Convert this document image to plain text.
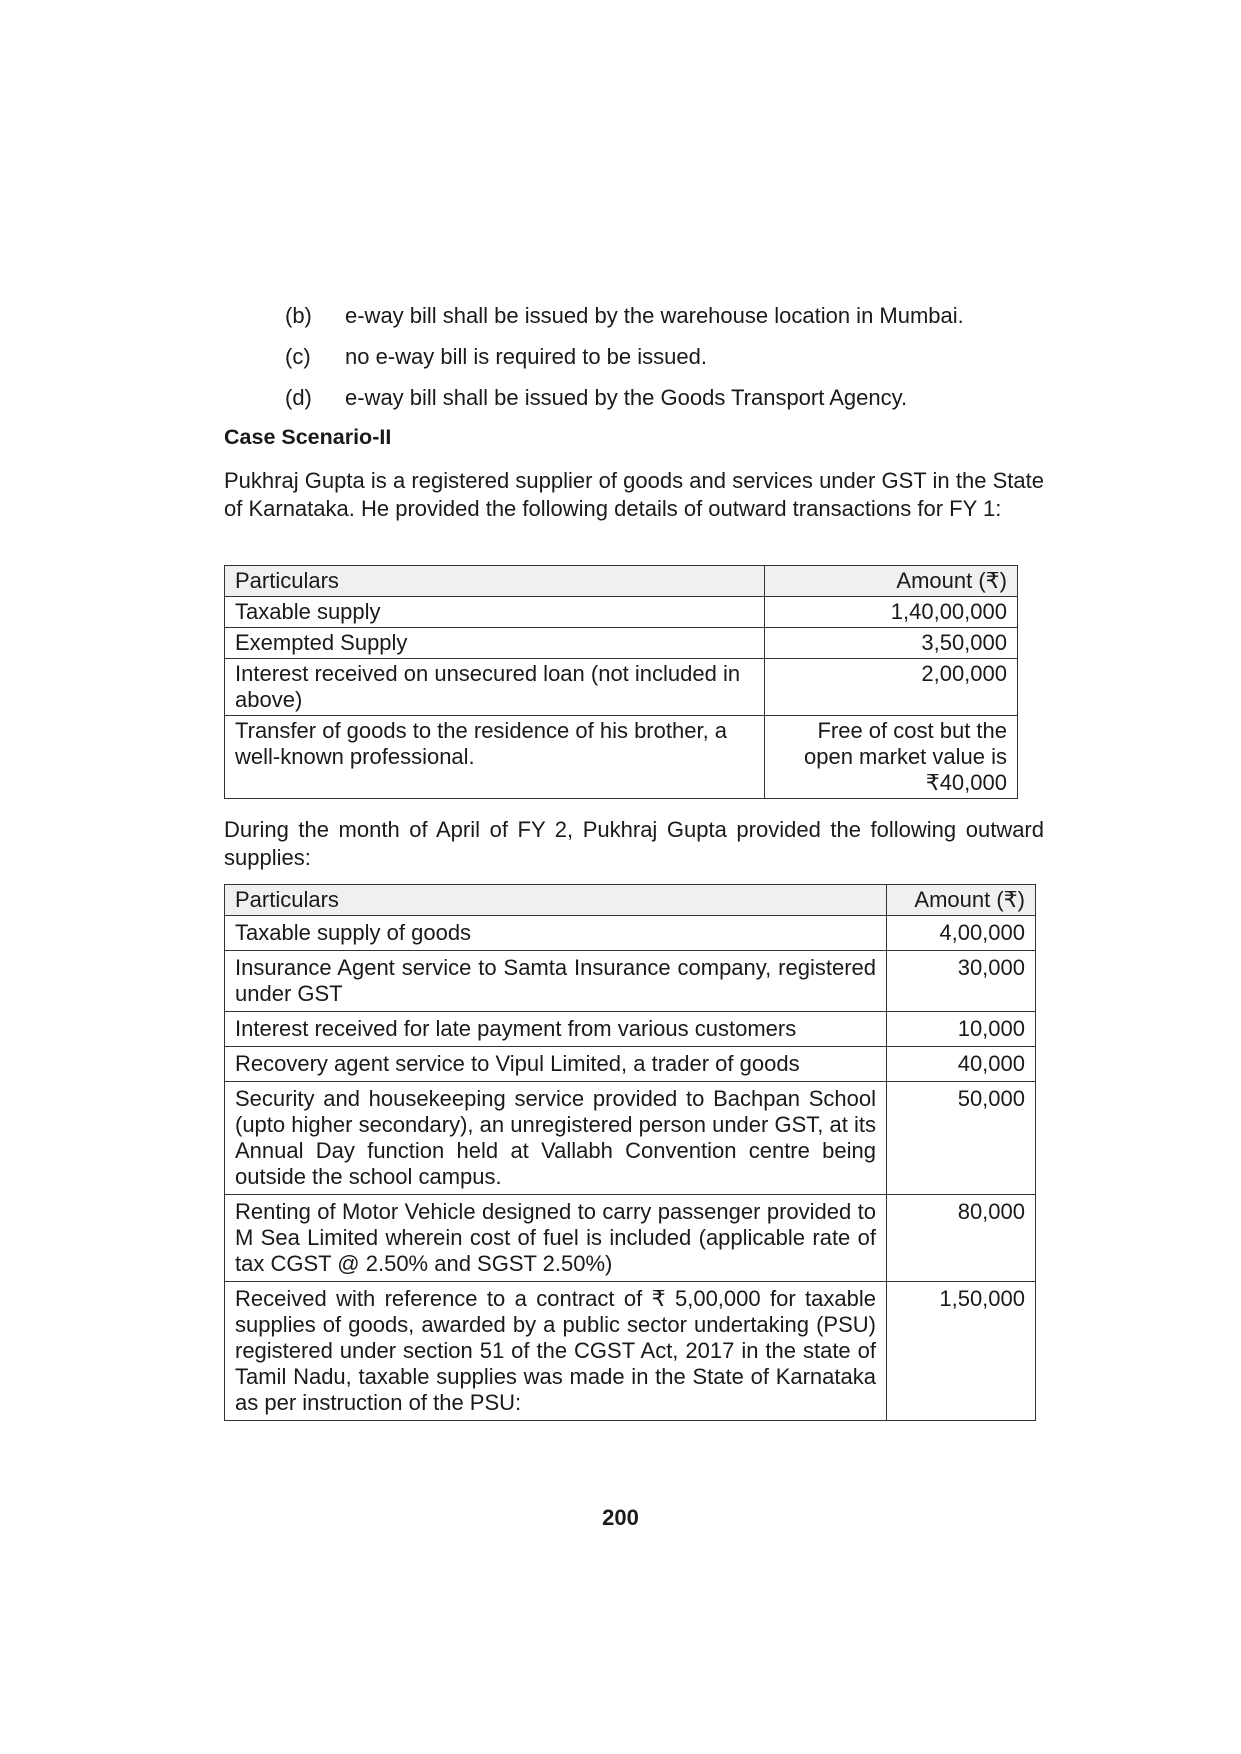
(b)	e-way bill shall be issued by the warehouse location in Mumbai.
(c)	no e-way bill is required to be issued.
(d)	e-way bill shall be issued by the Goods Transport Agency.
Case Scenario-II
Pukhraj Gupta is a registered supplier of goods and services under GST in the State of Karnataka. He provided the following details of outward transactions for FY 1:
Particulars	Amount (₹)
Taxable supply	1,40,00,000
Exempted Supply	3,50,000
Interest received on unsecured loan (not included in above)	2,00,000
Transfer of goods to the residence of his brother, a well-known professional.	Free of cost but the open market value is ₹40,000
During the month of April of FY 2, Pukhraj Gupta provided the following outward supplies:
Particulars	Amount (₹)
Taxable supply of goods	4,00,000
Insurance Agent service to Samta Insurance company, registered under GST	30,000
Interest received for late payment from various customers	10,000
Recovery agent service to Vipul Limited, a trader of goods	40,000
Security and housekeeping service provided to Bachpan School (upto higher secondary), an unregistered person under GST, at its Annual Day function held at Vallabh Convention centre being outside the school campus.	50,000
Renting of Motor Vehicle designed to carry passenger provided to M Sea Limited wherein cost of fuel is included (applicable rate of tax CGST @ 2.50% and SGST 2.50%)	80,000
Received with reference to a contract of ₹ 5,00,000 for taxable supplies of goods, awarded by a public sector undertaking (PSU) registered under section 51 of the CGST Act, 2017 in the state of Tamil Nadu, taxable supplies was made in the State of Karnataka as per instruction of the PSU:	1,50,000
200
